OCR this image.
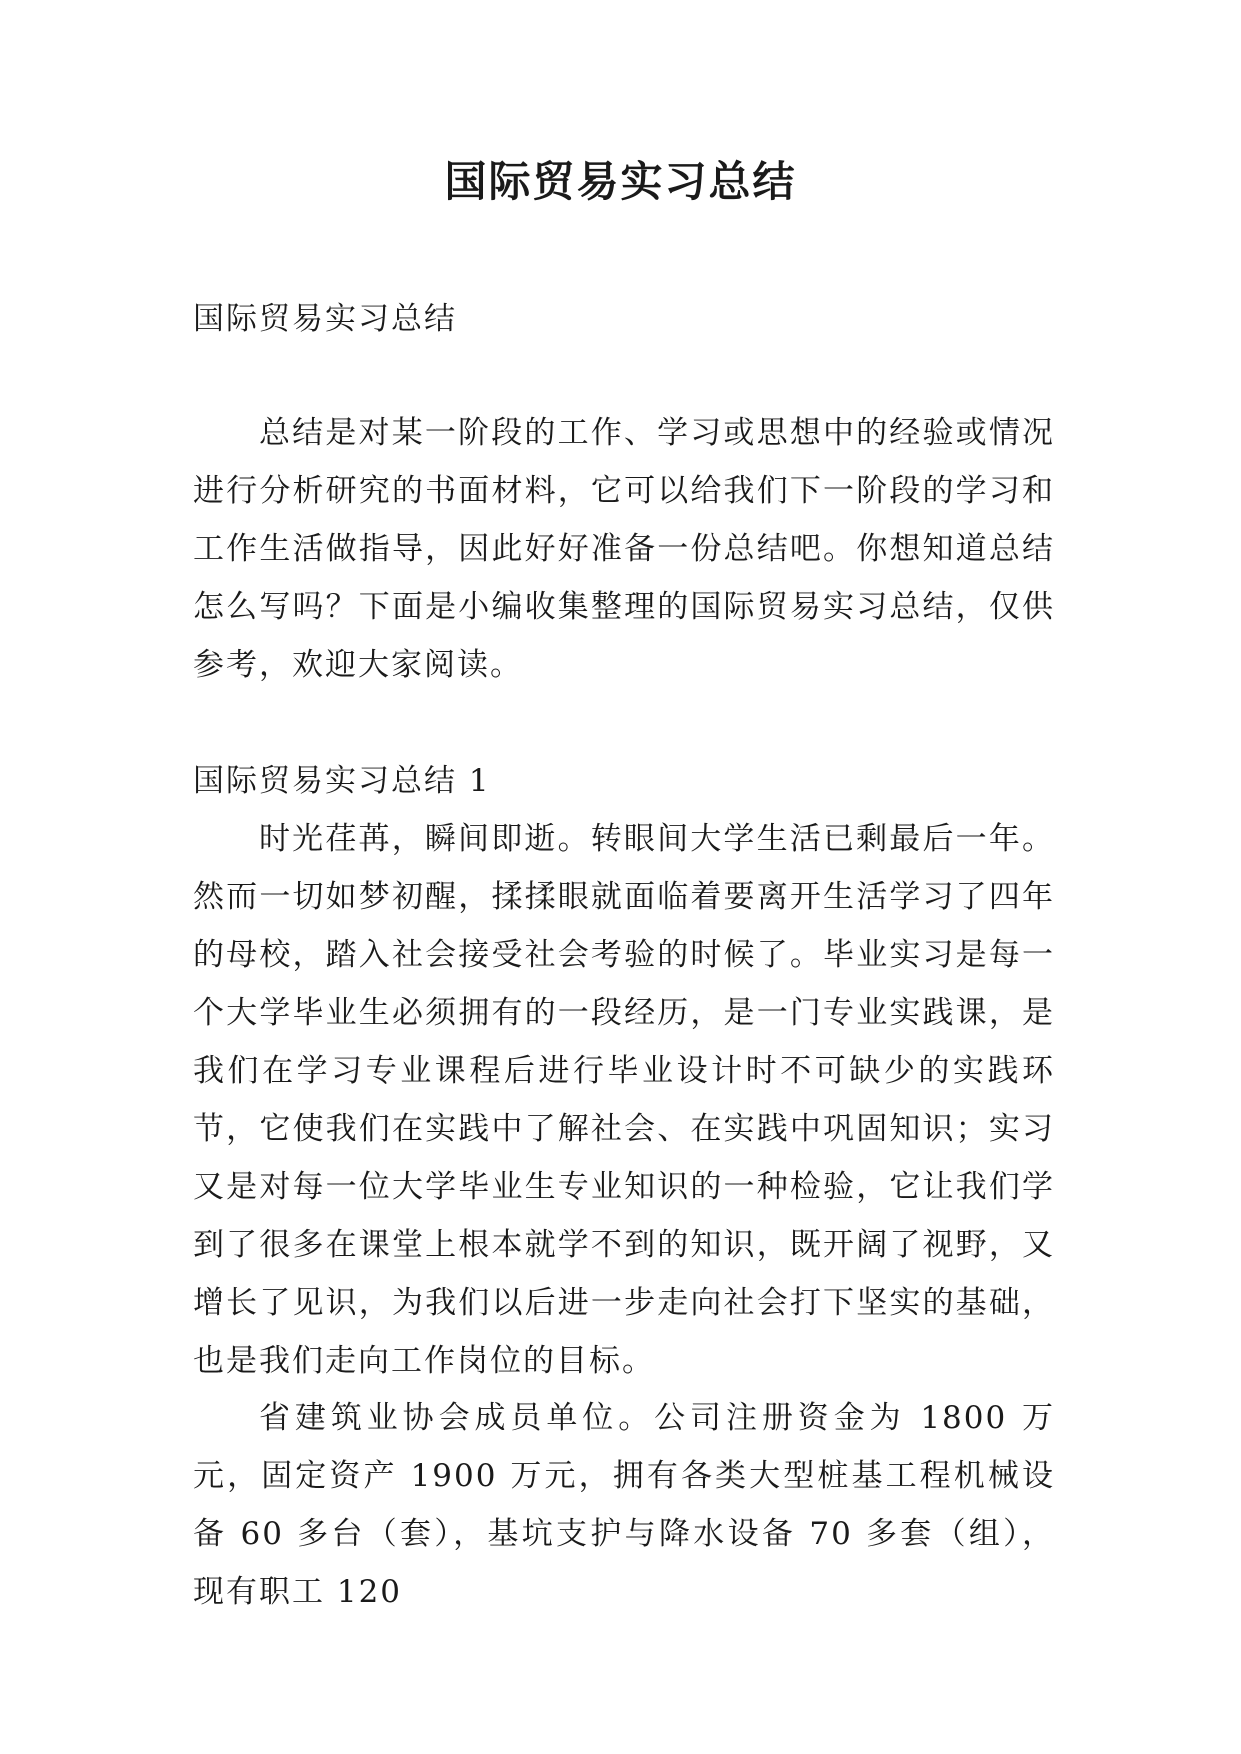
国际贸易实习总结

国际贸易实习总结

总结是对某一阶段的工作、学习或思想中的经验或情况进行分析研究的书面材料，它可以给我们下一阶段的学习和工作生活做指导，因此好好准备一份总结吧。你想知道总结怎么写吗？下面是小编收集整理的国际贸易实习总结，仅供参考，欢迎大家阅读。

国际贸易实习总结 1

时光荏苒，瞬间即逝。转眼间大学生活已剩最后一年。然而一切如梦初醒，揉揉眼就面临着要离开生活学习了四年的母校，踏入社会接受社会考验的时候了。毕业实习是每一个大学毕业生必须拥有的一段经历，是一门专业实践课，是我们在学习专业课程后进行毕业设计时不可缺少的实践环节，它使我们在实践中了解社会、在实践中巩固知识；实习又是对每一位大学毕业生专业知识的一种检验，它让我们学到了很多在课堂上根本就学不到的知识，既开阔了视野，又增长了见识，为我们以后进一步走向社会打下坚实的基础，也是我们走向工作岗位的目标。

省建筑业协会成员单位。公司注册资金为 1800 万元，固定资产 1900 万元，拥有各类大型桩基工程机械设备 60 多台（套），基坑支护与降水设备 70 多套（组），现有职工 120
